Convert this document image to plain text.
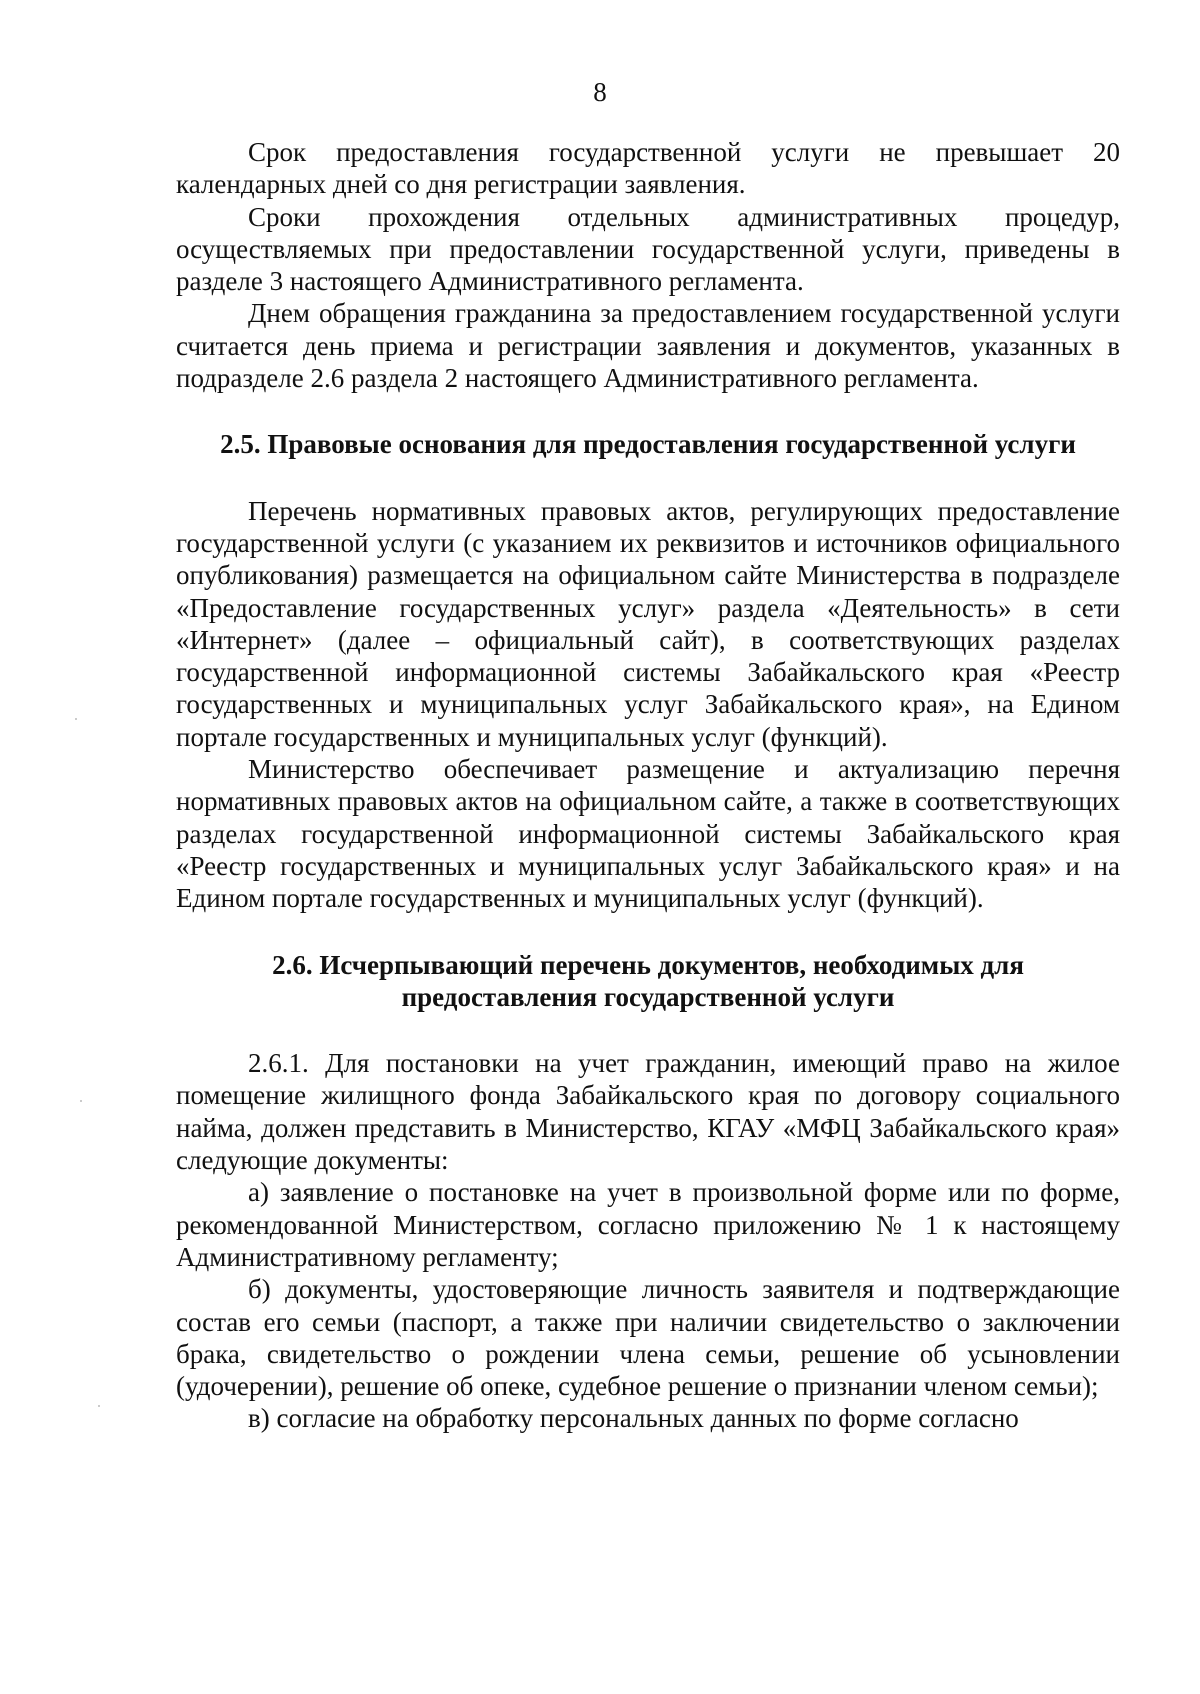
8

Срок предоставления государственной услуги не превышает 20 календарных дней со дня регистрации заявления.

Сроки прохождения отдельных административных процедур, осуществляемых при предоставлении государственной услуги, приведены в разделе 3 настоящего Административного регламента.

Днем обращения гражданина за предоставлением государственной услуги считается день приема и регистрации заявления и документов, указанных в подразделе 2.6 раздела 2 настоящего Административного регламента.

2.5. Правовые основания для предоставления государственной услуги

Перечень нормативных правовых актов, регулирующих предоставление государственной услуги (с указанием их реквизитов и источников официального опубликования) размещается на официальном сайте Министерства в подразделе «Предоставление государственных услуг» раздела «Деятельность» в сети «Интернет» (далее – официальный сайт), в соответствующих разделах государственной информационной системы Забайкальского края «Реестр государственных и муниципальных услуг Забайкальского края», на Едином портале государственных и муниципальных услуг (функций).

Министерство обеспечивает размещение и актуализацию перечня нормативных правовых актов на официальном сайте, а также в соответствующих разделах государственной информационной системы Забайкальского края «Реестр государственных и муниципальных услуг Забайкальского края» и на Едином портале государственных и муниципальных услуг (функций).

2.6. Исчерпывающий перечень документов, необходимых для
предоставления государственной услуги

2.6.1. Для постановки на учет гражданин, имеющий право на жилое помещение жилищного фонда Забайкальского края по договору социального найма, должен представить в Министерство, КГАУ «МФЦ Забайкальского края» следующие документы:

а) заявление о постановке на учет в произвольной форме или по форме, рекомендованной Министерством, согласно приложению № 1 к настоящему Административному регламенту;

б) документы, удостоверяющие личность заявителя и подтверждающие состав его семьи (паспорт, а также при наличии свидетельство о заключении брака, свидетельство о рождении члена семьи, решение об усыновлении (удочерении), решение об опеке, судебное решение о признании членом семьи);

в) согласие на обработку персональных данных по форме согласно
